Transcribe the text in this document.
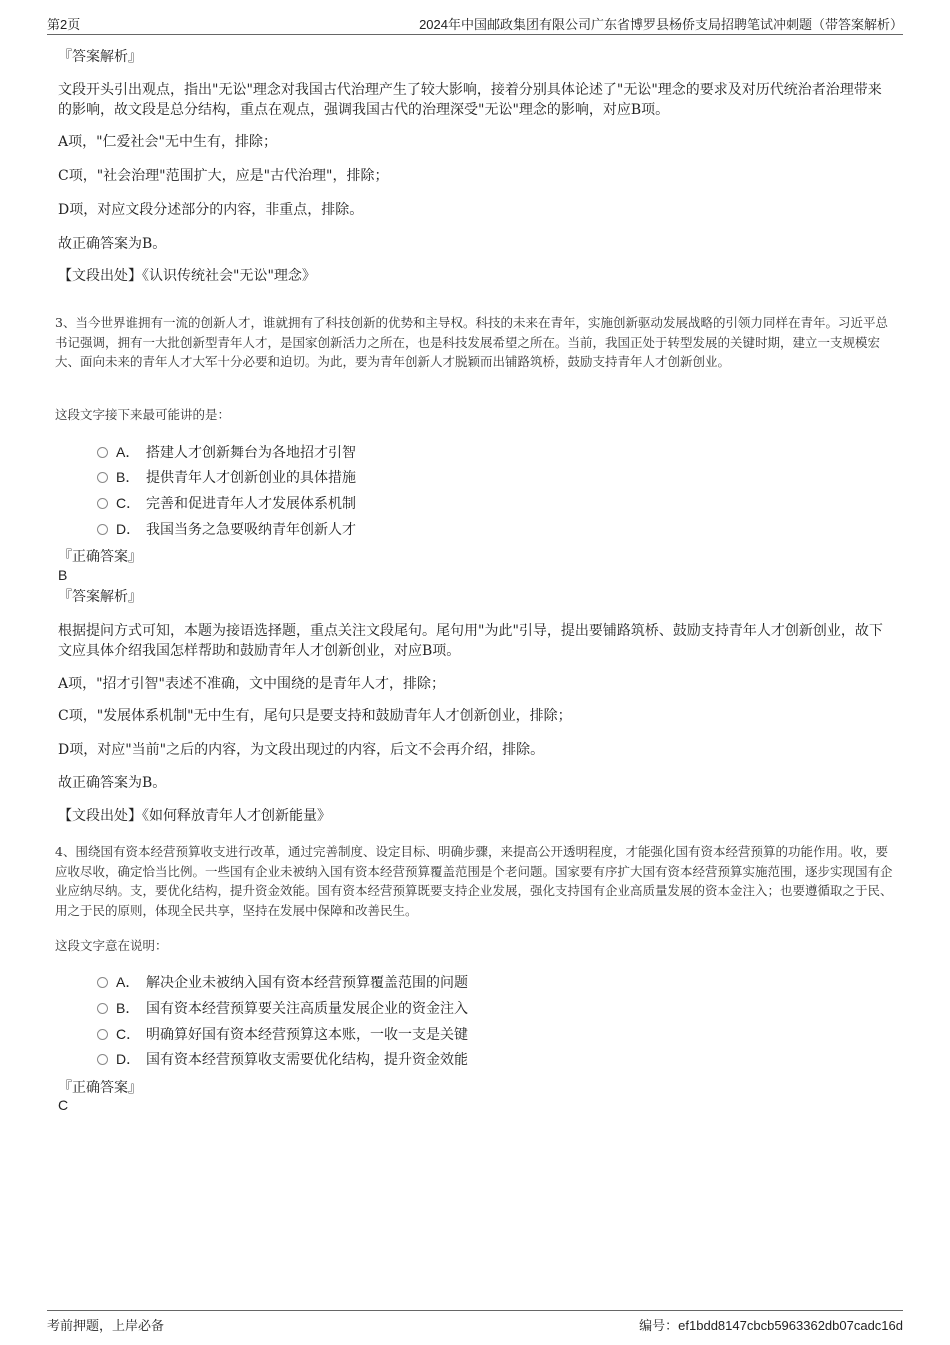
第2页	2024年中国邮政集团有限公司广东省博罗县杨侨支局招聘笔试冲刺题（带答案解析）

『答案解析』

文段开头引出观点，指出"无讼"理念对我国古代治理产生了较大影响，接着分别具体论述了"无讼"理念的要求及对历代统治者治理带来的影响，故文段是总分结构，重点在观点，强调我国古代的治理深受"无讼"理念的影响，对应B项。

A项，"仁爱社会"无中生有，排除；

C项，"社会治理"范围扩大，应是"古代治理"，排除；

D项，对应文段分述部分的内容，非重点，排除。

故正确答案为B。

【文段出处】《认识传统社会"无讼"理念》

3、当今世界谁拥有一流的创新人才，谁就拥有了科技创新的优势和主导权。科技的未来在青年，实施创新驱动发展战略的引领力同样在青年。习近平总书记强调，拥有一大批创新型青年人才，是国家创新活力之所在，也是科技发展希望之所在。当前，我国正处于转型发展的关键时期，建立一支规模宏大、面向未来的青年人才大军十分必要和迫切。为此，要为青年创新人才脱颖而出铺路筑桥，鼓励支持青年人才创新创业。

这段文字接下来最可能讲的是：

A． 搭建人才创新舞台为各地招才引智
B． 提供青年人才创新创业的具体措施
C． 完善和促进青年人才发展体系机制
D． 我国当务之急要吸纳青年创新人才

『正确答案』

B

『答案解析』

根据提问方式可知，本题为接语选择题，重点关注文段尾句。尾句用"为此"引导，提出要铺路筑桥、鼓励支持青年人才创新创业，故下文应具体介绍我国怎样帮助和鼓励青年人才创新创业，对应B项。

A项，"招才引智"表述不准确，文中围绕的是青年人才，排除；

C项，"发展体系机制"无中生有，尾句只是要支持和鼓励青年人才创新创业，排除；

D项，对应"当前"之后的内容，为文段出现过的内容，后文不会再介绍，排除。

故正确答案为B。

【文段出处】《如何释放青年人才创新能量》

4、围绕国有资本经营预算收支进行改革，通过完善制度、设定目标、明确步骤，来提高公开透明程度，才能强化国有资本经营预算的功能作用。收，要应收尽收，确定恰当比例。一些国有企业未被纳入国有资本经营预算覆盖范围是个老问题。国家要有序扩大国有资本经营预算实施范围，逐步实现国有企业应纳尽纳。支，要优化结构，提升资金效能。国有资本经营预算既要支持企业发展，强化支持国有企业高质量发展的资本金注入；也要遵循取之于民、用之于民的原则，体现全民共享，坚持在发展中保障和改善民生。

这段文字意在说明：

A． 解决企业未被纳入国有资本经营预算覆盖范围的问题
B． 国有资本经营预算要关注高质量发展企业的资金注入
C． 明确算好国有资本经营预算这本账，一收一支是关键
D． 国有资本经营预算收支需要优化结构，提升资金效能

『正确答案』

C
考前押题，上岸必备	编号：ef1bdd8147cbcb5963362db07cadc16d
